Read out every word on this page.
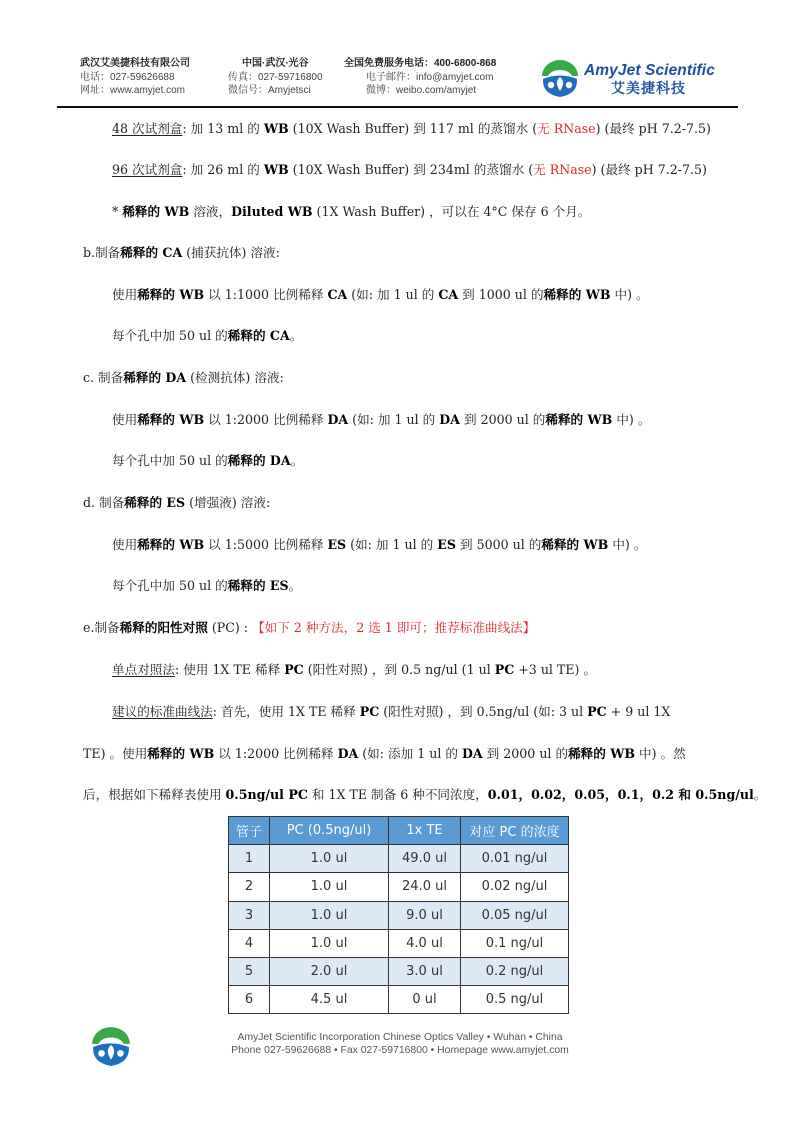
武汉艾美捷科技有限公司
电话：027-59626688
网址：www.amyjet.com
中国·武汉·光谷
传真：027-59716800
微信号：Amyjetsci
全国免费服务电话：400-6800-868
电子邮件：info@amyjet.com
微博：weibo.com/amyjet
AmyJet Scientific
艾美捷科技
48 次试剂盒: 加 13 ml 的 WB (10X Wash Buffer) 到 117 ml 的蒸馏水 (无 RNase) (最终 pH 7.2-7.5)
96 次试剂盒: 加 26 ml 的 WB (10X Wash Buffer) 到 234ml 的蒸馏水 (无 RNase) (最终 pH 7.2-7.5)
* 稀释的 WB 溶液，Diluted WB (1X Wash Buffer) ，可以在 4°C 保存 6 个月。
b.制备稀释的 CA (捕获抗体) 溶液:
使用稀释的 WB 以 1:1000 比例稀释 CA (如: 加 1 ul 的 CA 到 1000 ul 的稀释的 WB 中) 。
每个孔中加 50 ul 的稀释的 CA。
c. 制备稀释的 DA (检测抗体) 溶液:
使用稀释的 WB 以 1:2000 比例稀释 DA (如: 加 1 ul 的 DA 到 2000 ul 的稀释的 WB 中) 。
每个孔中加 50 ul 的稀释的 DA。
d. 制备稀释的 ES (增强液) 溶液:
使用稀释的 WB 以 1:5000 比例稀释 ES (如: 加 1 ul 的 ES 到 5000 ul 的稀释的 WB 中) 。
每个孔中加 50 ul 的稀释的 ES。
e.制备稀释的阳性对照 (PC) : 【如下 2 种方法，2 选 1 即可；推荐标准曲线法】
单点对照法: 使用 1X TE 稀释 PC (阳性对照) ，到 0.5 ng/ul (1 ul PC +3 ul TE) 。
建议的标准曲线法: 首先，使用 1X TE 稀释 PC (阳性对照) ，到 0.5ng/ul (如: 3 ul PC + 9 ul 1X
TE) 。使用稀释的 WB 以 1:2000 比例稀释 DA (如: 添加 1 ul 的 DA 到 2000 ul 的稀释的 WB 中) 。然
后，根据如下稀释表使用 0.5ng/ul PC 和 1X TE 制备 6 种不同浓度，0.01，0.02，0.05，0.1，0.2 和 0.5ng/ul。
管子	PC (0.5ng/ul)	1x TE	对应 PC 的浓度
1	1.0 ul	49.0 ul	0.01 ng/ul
2	1.0 ul	24.0 ul	0.02 ng/ul
3	1.0 ul	9.0 ul	0.05 ng/ul
4	1.0 ul	4.0 ul	0.1 ng/ul
5	2.0 ul	3.0 ul	0.2 ng/ul
6	4.5 ul	0 ul	0.5 ng/ul
AmyJet Scientific Incorporation Chinese Optics Valley • Wuhan • China
Phone 027-59626688 • Fax 027-59716800 • Homepage www.amyjet.com
